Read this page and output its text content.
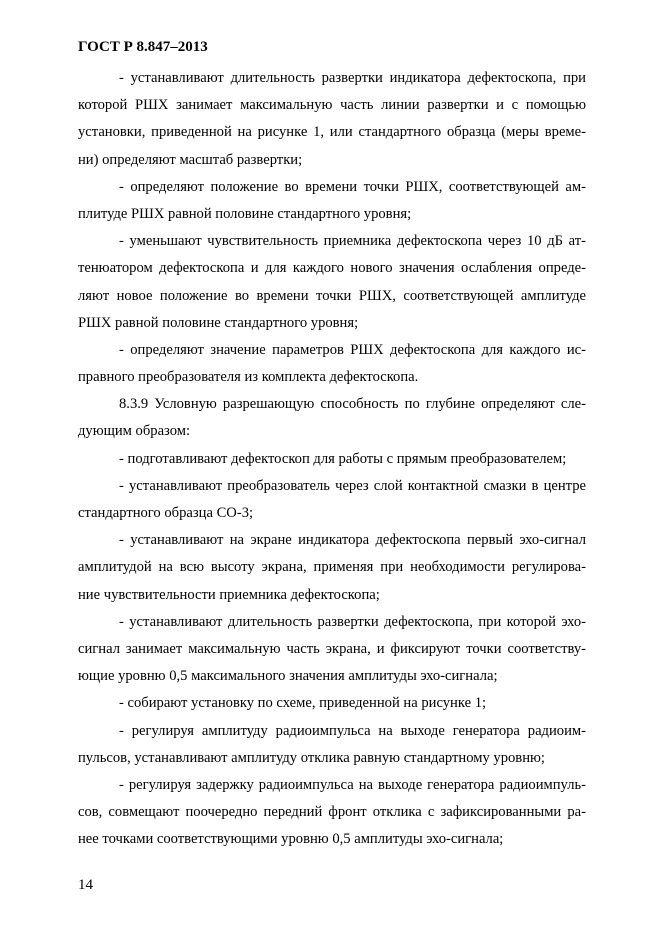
ГОСТ Р 8.847–2013
- устанавливают длительность развертки индикатора дефектоскопа, при
которой РШХ занимает максимальную часть линии развертки и с помощью
установки, приведенной на рисунке 1, или стандартного образца (меры време-
ни) определяют масштаб развертки;
- определяют положение во времени точки РШХ, соответствующей ам-
плитуде РШХ равной половине стандартного уровня;
- уменьшают чувствительность приемника дефектоскопа через 10 дБ ат-
тенюатором дефектоскопа и для каждого нового значения ослабления опреде-
ляют новое положение во времени точки РШХ, соответствующей амплитуде
РШХ равной половине стандартного уровня;
- определяют значение параметров РШХ дефектоскопа для каждого ис-
правного преобразователя из комплекта дефектоскопа.
8.3.9 Условную разрешающую способность по глубине определяют сле-
дующим образом:
- подготавливают дефектоскоп для работы с прямым преобразователем;
- устанавливают преобразователь через слой контактной смазки в центре
стандартного образца СО-3;
- устанавливают на экране индикатора дефектоскопа первый эхо-сигнал
амплитудой на всю высоту экрана, применяя при необходимости регулирова-
ние чувствительности приемника дефектоскопа;
- устанавливают длительность развертки дефектоскопа, при которой эхо-
сигнал занимает максимальную часть экрана, и фиксируют точки соответству-
ющие уровню 0,5 максимального значения амплитуды эхо-сигнала;
- собирают установку по схеме, приведенной на рисунке 1;
- регулируя амплитуду радиоимпульса на выходе генератора радиоим-
пульсов, устанавливают амплитуду отклика равную стандартному уровню;
- регулируя задержку радиоимпульса на выходе генератора радиоимпуль-
сов, совмещают поочередно передний фронт отклика с зафиксированными ра-
нее точками соответствующими уровню 0,5 амплитуды эхо-сигнала;
14
